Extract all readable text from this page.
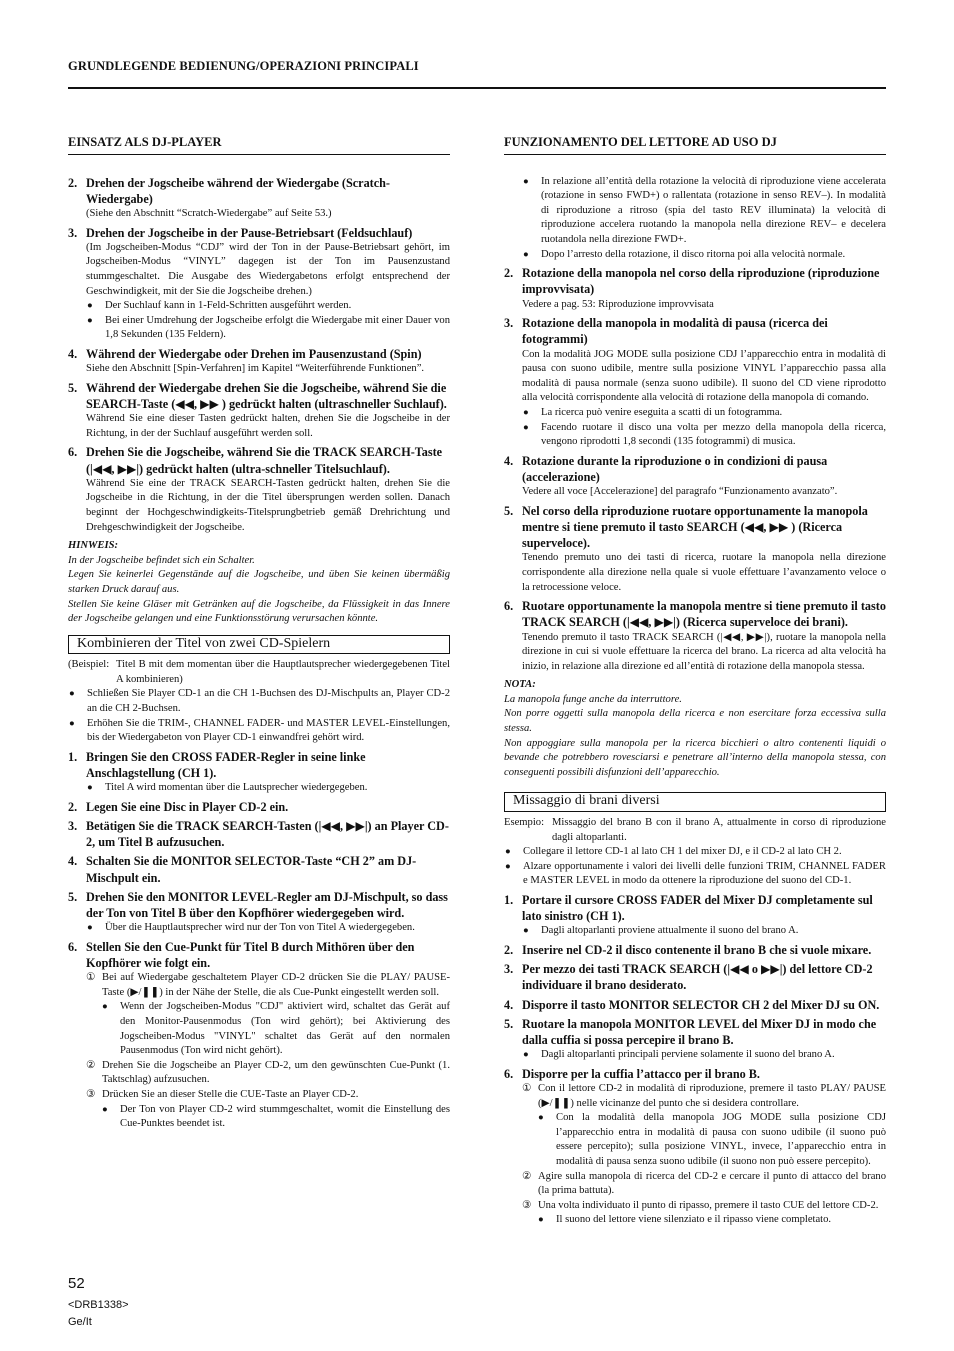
GRUNDLEGENDE BEDIENUNG/OPERAZIONI PRINCIPALI
EINSATZ ALS DJ-PLAYER
2. Drehen der Jogscheibe während der Wiedergabe (Scratch-Wiedergabe)
(Siehe den Abschnitt “Scratch-Wiedergabe” auf Seite 53.)
3. Drehen der Jogscheibe in der Pause-Betriebsart (Feldsuchlauf)
(Im Jogscheiben-Modus “CDJ” wird der Ton in der Pause-Betriebsart gehört, im Jogscheiben-Modus “VINYL” dagegen ist der Ton im Pausenzustand stummgeschaltet. Die Ausgabe des Wiedergabetons erfolgt entsprechend der Geschwindigkeit, mit der Sie die Jogscheibe drehen.)
●	Der Suchlauf kann in 1-Feld-Schritten ausgeführt werden.
●	Bei einer Umdrehung der Jogscheibe erfolgt die Wiedergabe mit einer Dauer von 1,8 Sekunden (135 Feldern).
4. Während der Wiedergabe oder Drehen im Pausenzustand (Spin)
Siehe den Abschnitt [Spin-Verfahren] im Kapitel “Weiterführende Funktionen”.
5. Während der Wiedergabe drehen Sie die Jogscheibe, während Sie die SEARCH-Taste (◀◀, ▶▶ ) gedrückt halten (ultraschneller Suchlauf).
Während Sie eine dieser Tasten gedrückt halten, drehen Sie die Jogscheibe in der Richtung, in der der Suchlauf ausgeführt werden soll.
6. Drehen Sie die Jogscheibe, während Sie die TRACK SEARCH-Taste (|◀◀, ▶▶|) gedrückt halten (ultra-schneller Titelsuchlauf).
Während Sie eine der TRACK SEARCH-Tasten gedrückt halten, drehen Sie die Jogscheibe in die Richtung, in der die Titel übersprungen werden sollen. Danach beginnt der Hochgeschwindigkeits-Titelsprungbetrieb gemäß Drehrichtung und Drehgeschwindigkeit der Jogscheibe.
HINWEIS:
In der Jogscheibe befindet sich ein Schalter.
Legen Sie keinerlei Gegenstände auf die Jogscheibe, und üben Sie keinen übermäßig starken Druck darauf aus.
Stellen Sie keine Gläser mit Getränken auf die Jogscheibe, da Flüssigkeit in das Innere der Jogscheibe gelangen und eine Funktionsstörung verursachen könnte.
Kombinieren der Titel von zwei CD-Spielern
(Beispiel: Titel B mit dem momentan über die Hauptlautsprecher wiedergegebenen Titel A kombinieren)
●	Schließen Sie Player CD-1 an die CH 1-Buchsen des DJ-Mischpults an, Player CD-2 an die CH 2-Buchsen.
●	Erhöhen Sie die TRIM-, CHANNEL FADER- und MASTER LEVEL-Einstellungen, bis der Wiedergabeton von Player CD-1 einwandfrei gehört wird.
1. Bringen Sie den CROSS FADER-Regler in seine linke Anschlagstellung (CH 1).
●	Titel A wird momentan über die Lautsprecher wiedergegeben.
2. Legen Sie eine Disc in Player CD-2 ein.
3. Betätigen Sie die TRACK SEARCH-Tasten (|◀◀, ▶▶|) an Player CD-2, um Titel B aufzusuchen.
4. Schalten Sie die MONITOR SELECTOR-Taste “CH 2” am DJ-Mischpult ein.
5. Drehen Sie den MONITOR LEVEL-Regler am DJ-Mischpult, so dass der Ton von Titel B über den Kopfhörer wiedergegeben wird.
●	Über die Hauptlautsprecher wird nur der Ton von Titel A wiedergegeben.
6. Stellen Sie den Cue-Punkt für Titel B durch Mithören über den Kopfhörer wie folgt ein.
① Bei auf Wiedergabe geschaltetem Player CD-2 drücken Sie die PLAY/ PAUSE-Taste (▶/❚❚) in der Nähe der Stelle, die als Cue-Punkt eingestellt werden soll.
●	Wenn der Jogscheiben-Modus "CDJ" aktiviert wird, schaltet das Gerät auf den Monitor-Pausenmodus (Ton wird gehört); bei Aktivierung des Jogscheiben-Modus "VINYL" schaltet das Gerät auf den normalen Pausenmodus (Ton wird nicht gehört).
② Drehen Sie die Jogscheibe an Player CD-2, um den gewünschten Cue-Punkt (1. Taktschlag) aufzusuchen.
③ Drücken Sie an dieser Stelle die CUE-Taste an Player CD-2.
●	Der Ton von Player CD-2 wird stummgeschaltet, womit die Einstellung des Cue-Punktes beendet ist.
FUNZIONAMENTO DEL LETTORE AD USO DJ
●	In relazione all’entità della rotazione la velocità di riproduzione viene accelerata (rotazione in senso FWD+) o rallentata (rotazione in senso REV–). In modalità di riproduzione a ritroso (spia del tasto REV illuminata) la velocità di riproduzione accelera ruotando la manopola nella direzione REV– e decelera ruotandola nella direzione FWD+.
●	Dopo l’arresto della rotazione, il disco ritorna poi alla velocità normale.
2. Rotazione della manopola nel corso della riproduzione (riproduzione improvvisata)
Vedere a pag. 53: Riproduzione improvvisata
3. Rotazione della manopola in modalità di pausa (ricerca dei fotogrammi)
Con la modalità JOG MODE sulla posizione CDJ l’apparecchio entra in modalità di pausa con suono udibile, mentre sulla posizione VINYL l’apparecchio passa alla modalità di pausa normale (senza suono udibile). Il suono del CD viene riprodotto alla velocità corrispondente alla velocità di rotazione della manopola di comando.
●	La ricerca può venire eseguita a scatti di un fotogramma.
●	Facendo ruotare il disco una volta per mezzo della manopola della ricerca, vengono riprodotti 1,8 secondi (135 fotogrammi) di musica.
4. Rotazione durante la riproduzione o in condizioni di pausa (accelerazione)
Vedere all voce [Accelerazione] del paragrafo “Funzionamento avanzato”.
5. Nel corso della riproduzione ruotare opportunamente la manopola mentre si tiene premuto il tasto SEARCH (◀◀, ▶▶ ) (Ricerca superveloce).
Tenendo premuto uno dei tasti di ricerca, ruotare la manopola nella direzione corrispondente alla direzione nella quale si vuole effettuare l’avanzamento veloce o la retrocessione veloce.
6. Ruotare opportunamente la manopola mentre si tiene premuto il tasto TRACK SEARCH (|◀◀, ▶▶|) (Ricerca superveloce dei brani).
Tenendo premuto il tasto TRACK SEARCH (|◀◀, ▶▶|), ruotare la manopola nella direzione in cui si vuole effettuare la ricerca del brano. La ricerca ad alta velocità ha inizio, in relazione alla direzione ed all’entità di rotazione della manopola stessa.
NOTA:
La manopola funge anche da interruttore.
Non porre oggetti sulla manopola della ricerca e non esercitare forza eccessiva sulla stessa.
Non appoggiare sulla manopola per la ricerca bicchieri o altro contenenti liquidi o bevande che potrebbero rovesciarsi e penetrare all’interno della manopola stessa, con conseguenti possibili disfunzioni dell’apparecchio.
Missaggio di brani diversi
Esempio: Missaggio del brano B con il brano A, attualmente in corso di riproduzione dagli altoparlanti.
●	Collegare il lettore CD-1 al lato CH 1 del mixer DJ, e il CD-2 al lato CH 2.
●	Alzare opportunamente i valori dei livelli delle funzioni TRIM, CHANNEL FADER e MASTER LEVEL in modo da ottenere la riproduzione del suono del CD-1.
1. Portare il cursore CROSS FADER del Mixer DJ completamente sul lato sinistro (CH 1).
●	Dagli altoparlanti proviene attualmente il suono del brano A.
2. Inserire nel CD-2 il disco contenente il brano B che si vuole mixare.
3. Per mezzo dei tasti TRACK SEARCH (|◀◀ o ▶▶|) del lettore CD-2 individuare il brano desiderato.
4. Disporre il tasto MONITOR SELECTOR CH 2 del Mixer DJ su ON.
5. Ruotare la manopola MONITOR LEVEL del Mixer DJ in modo che dalla cuffia si possa percepire il brano B.
●	Dagli altoparlanti principali perviene solamente il suono del brano A.
6. Disporre per la cuffia l’attacco per il brano B.
① Con il lettore CD-2 in modalità di riproduzione, premere il tasto PLAY/ PAUSE (▶/❚❚) nelle vicinanze del punto che si desidera controllare.
●	Con la modalità della manopola JOG MODE sulla posizione CDJ l’apparecchio entra in modalità di pausa con suono udibile (il suono può essere percepito); sulla posizione VINYL, invece, l’apparecchio entra in modalità di pausa senza suono udibile (il suono non può essere percepito).
② Agire sulla manopola di ricerca del CD-2 e cercare il punto di attacco del brano (la prima battuta).
③ Una volta individuato il punto di ripasso, premere il tasto CUE del lettore CD-2.
●	Il suono del lettore viene silenziato e il ripasso viene completato.
52
<DRB1338>
Ge/It
